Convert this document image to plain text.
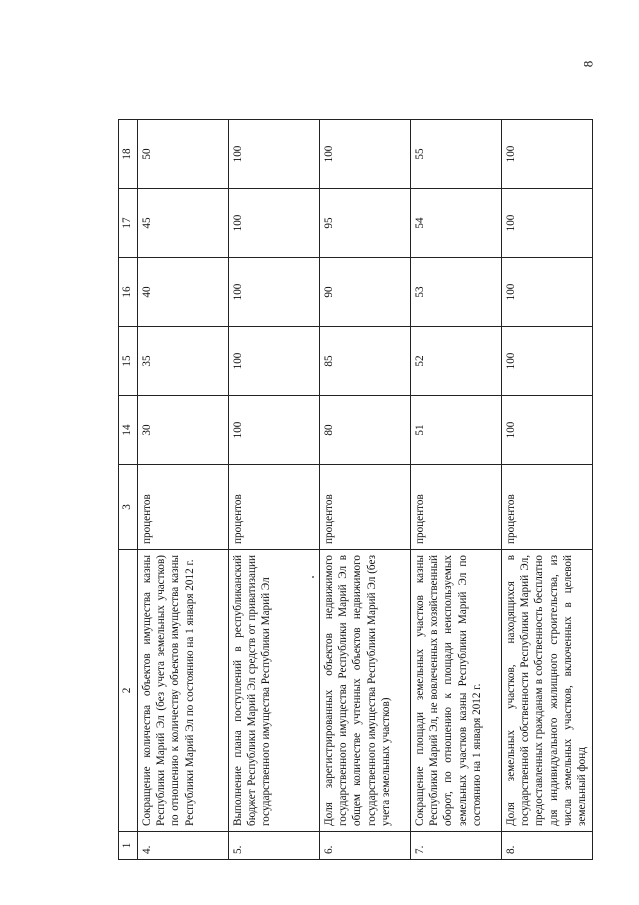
8
1	2	3	14	15	16	17	18
4.	Сокращение количества объектов имущества казны Республики Марий Эл (без учета земельных участков) по отношению к количеству объектов имущества казны Республики Марий Эл по состоянию на 1 января 2012 г.	процентов	30	35	40	45	50
5.	Выполнение плана поступлений в республиканский бюджет Республики Марий Эл средств от приватизации государственного имущества Республики Марий Эл	процентов	100	100	100	100	100
6.	Доля зарегистрированных объектов недвижимого государственного имущества Республики Марий Эл в общем количестве учтенных объектов недвижимого государственного имущества Республики Марий Эл (без учета земельных участков)	процентов	80	85	90	95	100
7.	Сокращение площади земельных участков казны Республики Марий Эл, не вовлеченных в хозяйственный оборот, по отношению к площади неиспользуемых земельных участков казны Республики Марий Эл по состоянию на 1 января 2012 г.	процентов	51	52	53	54	55
8.	Доля земельных участков, находящихся в государственной собственности Республики Марий Эл, предоставленных гражданам в собственность бесплатно для индивидуального жилищного строительства, из числа земельных участков, включенных в целевой земельный фонд	процентов	100	100	100	100	100
